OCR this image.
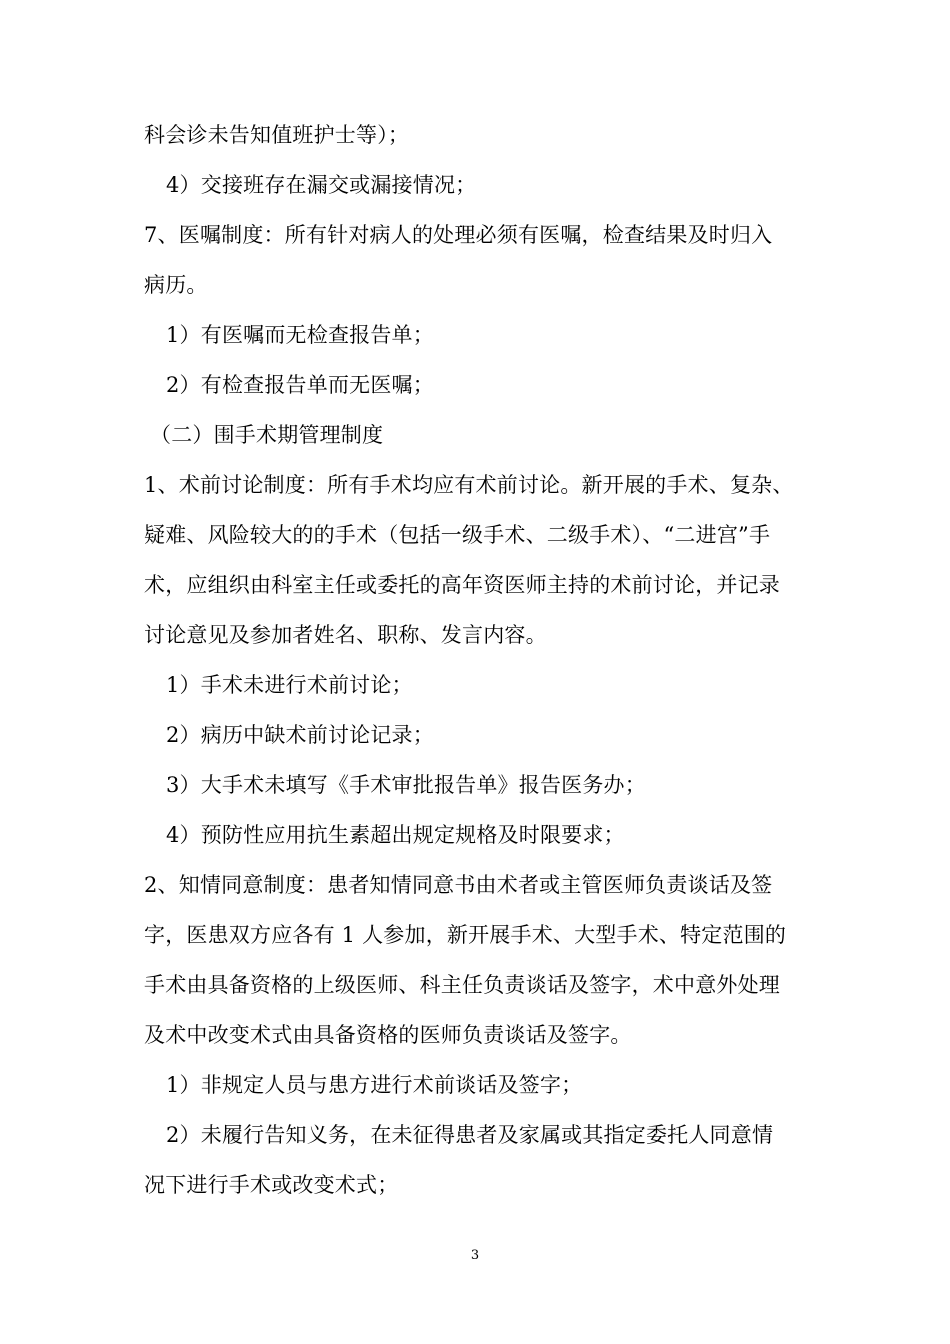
科会诊未告知值班护士等）；
4）交接班存在漏交或漏接情况；
7、医嘱制度：所有针对病人的处理必须有医嘱，检查结果及时归入
病历。
1）有医嘱而无检查报告单；
2）有检查报告单而无医嘱；
（二）围手术期管理制度
1、术前讨论制度：所有手术均应有术前讨论。新开展的手术、复杂、
疑难、风险较大的的手术（包括一级手术、二级手术）、“二进宫”手
术，应组织由科室主任或委托的高年资医师主持的术前讨论，并记录
讨论意见及参加者姓名、职称、发言内容。
1）手术未进行术前讨论；
2）病历中缺术前讨论记录；
3）大手术未填写《手术审批报告单》报告医务办；
4）预防性应用抗生素超出规定规格及时限要求；
2、知情同意制度：患者知情同意书由术者或主管医师负责谈话及签
字，医患双方应各有 1 人参加，新开展手术、大型手术、特定范围的
手术由具备资格的上级医师、科主任负责谈话及签字，术中意外处理
及术中改变术式由具备资格的医师负责谈话及签字。
1）非规定人员与患方进行术前谈话及签字；
2）未履行告知义务，在未征得患者及家属或其指定委托人同意情
况下进行手术或改变术式；
3
